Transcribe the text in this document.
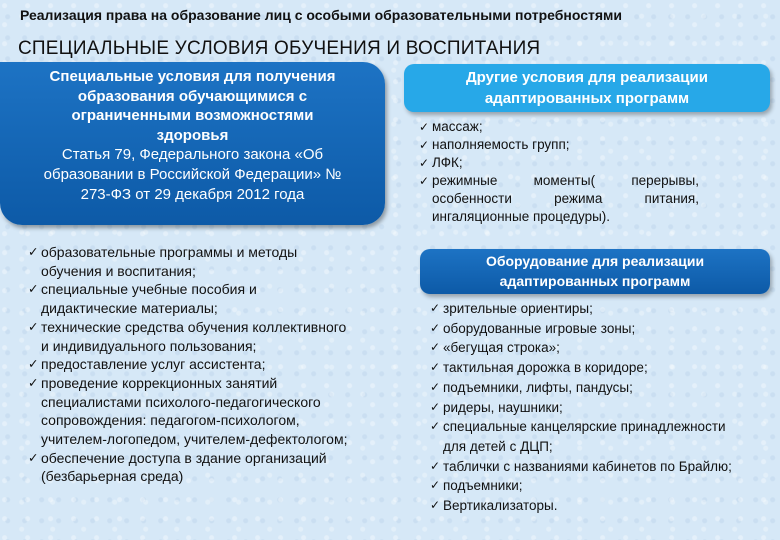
Реализация права на образование лиц с особыми образовательными потребностями
СПЕЦИАЛЬНЫЕ УСЛОВИЯ ОБУЧЕНИЯ И ВОСПИТАНИЯ
Специальные условия для получения
образования обучающимися с
ограниченными возможностями
здоровья
Статья 79, Федерального закона «Об
образовании в Российской Федерации» №
273-ФЗ от 29 декабря 2012 года
✓ образовательные программы и методы обучения и воспитания;
✓ специальные учебные пособия и дидактические материалы;
✓ технические средства обучения коллективного и индивидуального пользования;
✓ предоставление услуг ассистента;
✓ проведение коррекционных занятий специалистами психолого-педагогического сопровождения: педагогом-психологом, учителем-логопедом, учителем-дефектологом;
✓ обеспечение доступа в здание организаций (безбарьерная среда)
Другие условия для реализации
адаптированных программ
✓ массаж;
✓ наполняемость групп;
✓ ЛФК;
✓ режимные моменты( перерывы, особенности режима питания, ингаляционные процедуры).
Оборудование для реализации
адаптированных программ
✓ зрительные ориентиры;
✓ оборудованные игровые зоны;
✓ «бегущая строка»;
✓ тактильная дорожка в коридоре;
✓ подъемники, лифты, пандусы;
✓ ридеры, наушники;
✓ специальные канцелярские принадлежности для детей с ДЦП;
✓ таблички с названиями кабинетов по Брайлю;
✓ подъемники;
✓ Вертикализаторы.
